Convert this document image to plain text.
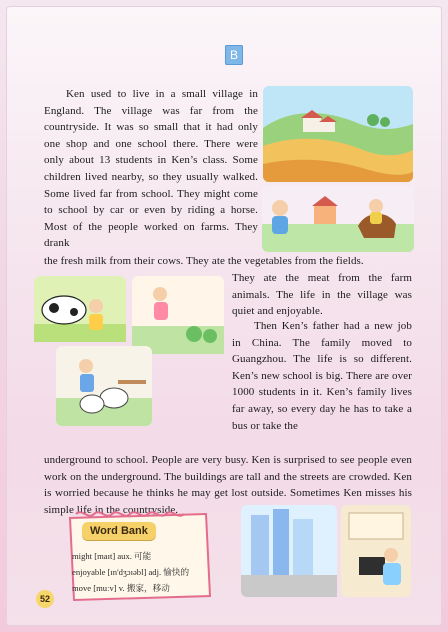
B
Ken used to live in a small village in England. The village was far from the countryside. It was so small that it had only one shop and one school there. There were only about 13 students in Ken’s class. Some children lived nearby, so they usually walked. Some lived far from school. They might come to school by car or even by riding a horse. Most of the people worked on farms. They drank
the fresh milk from their cows. They ate the vegetables from the fields.
They ate the meat from the farm animals. The life in the village was quiet and enjoyable.
Then Ken’s father had a new job in China. The family moved to Guangzhou. The life is so different. Ken’s new school is big. There are over 1000 students in it. Ken’s family lives far away, so every day he has to take a bus or take the
underground to school. People are very busy. Ken is surprised to see people even work on the underground. The buildings are tall and the streets are crowded. Ken is worried because he thinks he may get lost outside. Sometimes Ken misses his simple life in the countryside.
Word Bank
might [maɪt] aux. 可能
enjoyable [ɪn'dʒɔɪəbl] adj. 愉快的
move [muːv] v. 搬家，移动
52
